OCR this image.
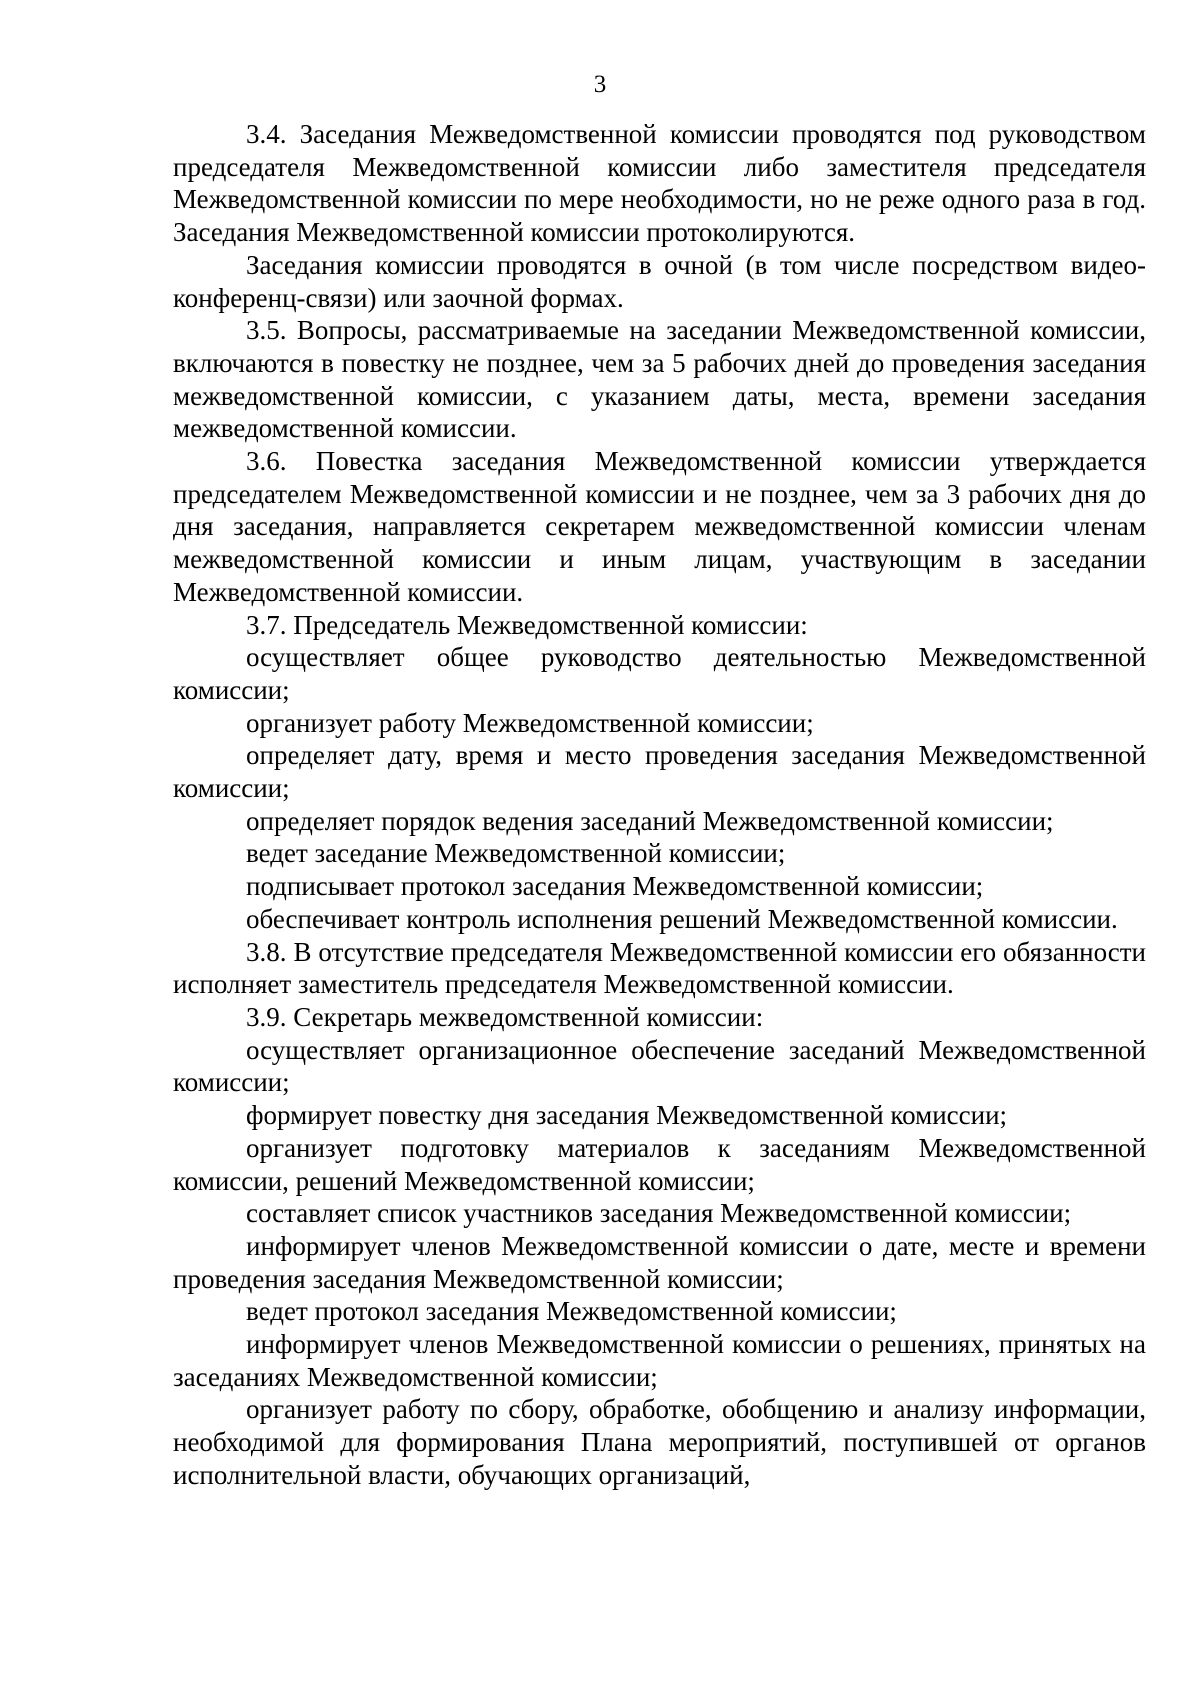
3

3.4. Заседания Межведомственной комиссии проводятся под руководством председателя Межведомственной комиссии либо заместителя председателя Межведомственной комиссии по мере необходимости, но не реже одного раза в год. Заседания Межведомственной комиссии протоколируются.

Заседания комиссии проводятся в очной (в том числе посредством видео-конференц-связи) или заочной формах.

3.5. Вопросы, рассматриваемые на заседании Межведомственной комиссии, включаются в повестку не позднее, чем за 5 рабочих дней до проведения заседания межведомственной комиссии, с указанием даты, места, времени заседания межведомственной комиссии.

3.6. Повестка заседания Межведомственной комиссии утверждается председателем Межведомственной комиссии и не позднее, чем за 3 рабочих дня до дня заседания, направляется секретарем межведомственной комиссии членам межведомственной комиссии и иным лицам, участвующим в заседании Межведомственной комиссии.

3.7. Председатель Межведомственной комиссии:

осуществляет общее руководство деятельностью Межведомственной комиссии;

организует работу Межведомственной комиссии;

определяет дату, время и место проведения заседания Межведомственной комиссии;

определяет порядок ведения заседаний Межведомственной комиссии;

ведет заседание Межведомственной комиссии;

подписывает протокол заседания Межведомственной комиссии;

обеспечивает контроль исполнения решений Межведомственной комиссии.

3.8. В отсутствие председателя Межведомственной комиссии его обязанности исполняет заместитель председателя Межведомственной комиссии.

3.9. Секретарь межведомственной комиссии:

осуществляет организационное обеспечение заседаний Межведомственной комиссии;

формирует повестку дня заседания Межведомственной комиссии;

организует подготовку материалов к заседаниям Межведомственной комиссии, решений Межведомственной комиссии;

составляет список участников заседания Межведомственной комиссии;

информирует членов Межведомственной комиссии о дате, месте и времени проведения заседания Межведомственной комиссии;

ведет протокол заседания Межведомственной комиссии;

информирует членов Межведомственной комиссии о решениях, принятых на заседаниях Межведомственной комиссии;

организует работу по сбору, обработке, обобщению и анализу информации, необходимой для формирования Плана мероприятий, поступившей от органов исполнительной власти, обучающих организаций,
